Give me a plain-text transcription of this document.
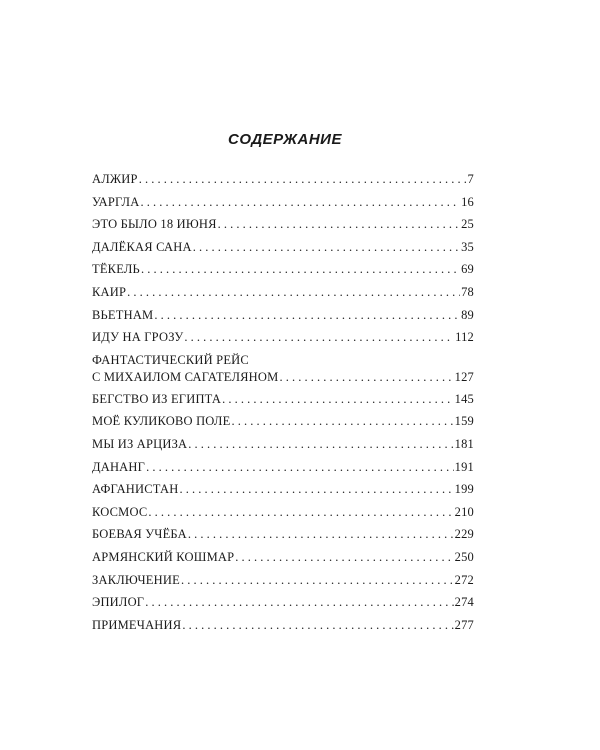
СОДЕРЖАНИЕ
АЛЖИР . . .	7
УАРГЛА . . .	16
ЭТО БЫЛО 18 ИЮНЯ . . .	25
ДАЛЁКАЯ САНА . . .	35
ТЁКЕЛЬ . . .	69
КАИР . . .	78
ВЬЕТНАМ . . .	89
ИДУ НА ГРОЗУ . . .	112
ФАНТАСТИЧЕСКИЙ РЕЙС
С МИХАИЛОМ САГАТЕЛЯНОМ . . .	127
БЕГСТВО ИЗ ЕГИПТА . . .	145
МОЁ КУЛИКОВО ПОЛЕ . . .	159
МЫ ИЗ АРЦИЗА . . .	181
ДАНАНГ . . .	191
АФГАНИСТАН . . .	199
КОСМОС . . .	210
БОЕВАЯ УЧЁБА . . .	229
АРМЯНСКИЙ КОШМАР . . .	250
ЗАКЛЮЧЕНИЕ . . .	272
ЭПИЛОГ . . .	274
ПРИМЕЧАНИЯ . . .	277
